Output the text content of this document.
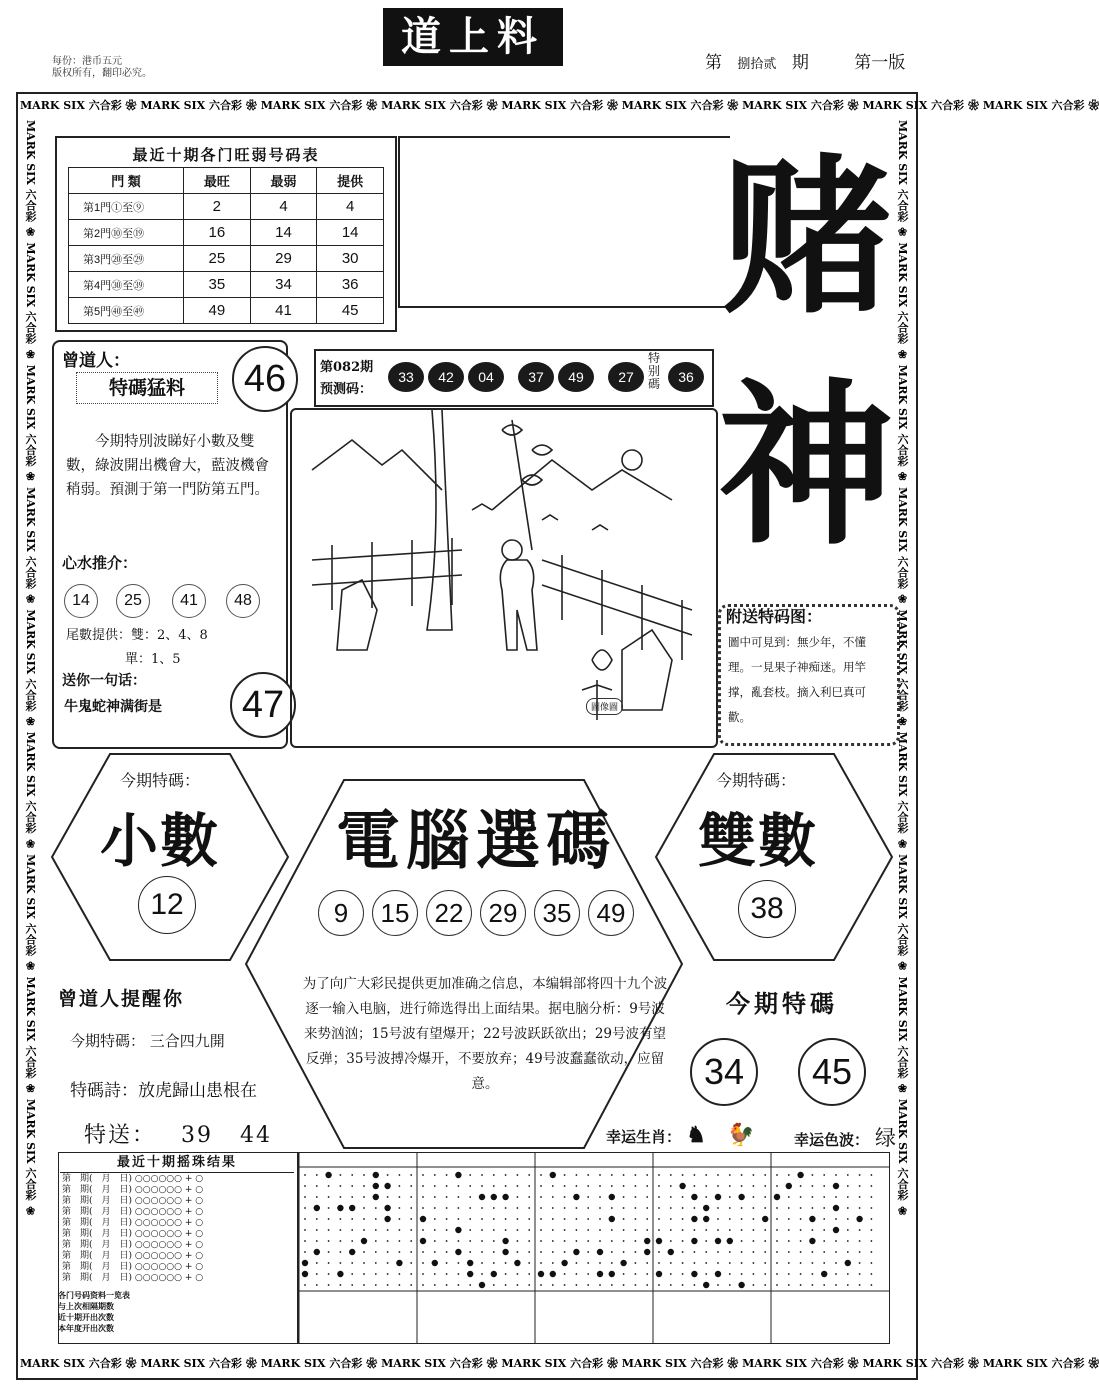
道上料
每份：港币五元
版权所有，翻印必究。
第 捌拾贰 期	第一版
MARK SIX 六合彩 ❀ MARK SIX 六合彩 ❀ MARK SIX 六合彩 ❀ MARK SIX 六合彩 ❀ MARK SIX 六合彩 ❀ MARK SIX 六合彩 ❀ MARK SIX 六合彩 ❀ MARK SIX 六合彩 ❀ MARK SIX 六合彩 ❀
MARK SIX 六合彩 ❀ MARK SIX 六合彩 ❀ MARK SIX 六合彩 ❀ MARK SIX 六合彩 ❀ MARK SIX 六合彩 ❀ MARK SIX 六合彩 ❀ MARK SIX 六合彩 ❀ MARK SIX 六合彩 ❀ MARK SIX 六合彩 ❀
MARK SIX 六合彩 ❀ MARK SIX 六合彩 ❀ MARK SIX 六合彩 ❀ MARK SIX 六合彩 ❀ MARK SIX 六合彩 ❀ MARK SIX 六合彩 ❀ MARK SIX 六合彩 ❀ MARK SIX 六合彩 ❀ MARK SIX 六合彩 ❀	MARK SIX 六合彩 ❀ MARK SIX 六合彩 ❀ MARK SIX 六合彩 ❀ MARK SIX 六合彩 ❀ MARK SIX 六合彩 ❀ MARK SIX 六合彩 ❀ MARK SIX 六合彩 ❀ MARK SIX 六合彩 ❀ MARK SIX 六合彩 ❀
最近十期各门旺弱号码表
門 類	最旺	最弱	提供
第1門①至⑨	2	4	4
第2門⑩至⑲	16	14	14
第3門⑳至㉙	25	29	30
第4門㉚至㊴	35	34	36
第5門㊵至㊾	49	41	45 赌
神
曾道人：
特碼猛料
今期特別波睇好小數及雙數，綠波開出機會大，藍波機會稍弱。預測于第一門防第五門。
心水推介：
14	25	41	48
尾數提供：雙：2、4、8
單：1、5
送你一句话：
牛鬼蛇神满街是
46
47
第082期
预测码：
33	42	04	37	49	27
特别碼	36
圖像圖
附送特码图：
圖中可見到：無少年，不懂理。一見果子神痴迷。用竿撑，亂套枝。摘入利巳真可歡。
今期特碼：
小數
12
今期特碼：
雙數
38
電腦選碼
9	15 22 29 35 49
为了向广大彩民提供更加准确之信息，本编辑部将四十九个波逐一输入电脑，进行筛选得出上面结果。据电脑分析：9号波来势汹汹；15号波有望爆开；22号波跃跃欲出；29号波有望反弹；35号波搏冷爆开，不要放弃；49号波蠢蠢欲动，应留意。
曾道人提醒你
今期特碼： 三合四九開
特碼詩：放虎歸山患根在
特送： 39   44
今期特碼
34	45
幸运生肖： ♞ 🐓	幸运色波： 绿
最近十期摇珠结果
第　期(　月　日) ○○○○○○ + ○
第　期(　月　日) ○○○○○○ + ○
第　期(　月　日) ○○○○○○ + ○
第　期(　月　日) ○○○○○○ + ○
第　期(　月　日) ○○○○○○ + ○
第　期(　月　日) ○○○○○○ + ○
第　期(　月　日) ○○○○○○ + ○
第　期(　月　日) ○○○○○○ + ○
第　期(　月　日) ○○○○○○ + ○
第　期(　月　日) ○○○○○○ + ○
各门号码资料一览表
与上次相隔期数
近十期开出次数
本年度开出次数
